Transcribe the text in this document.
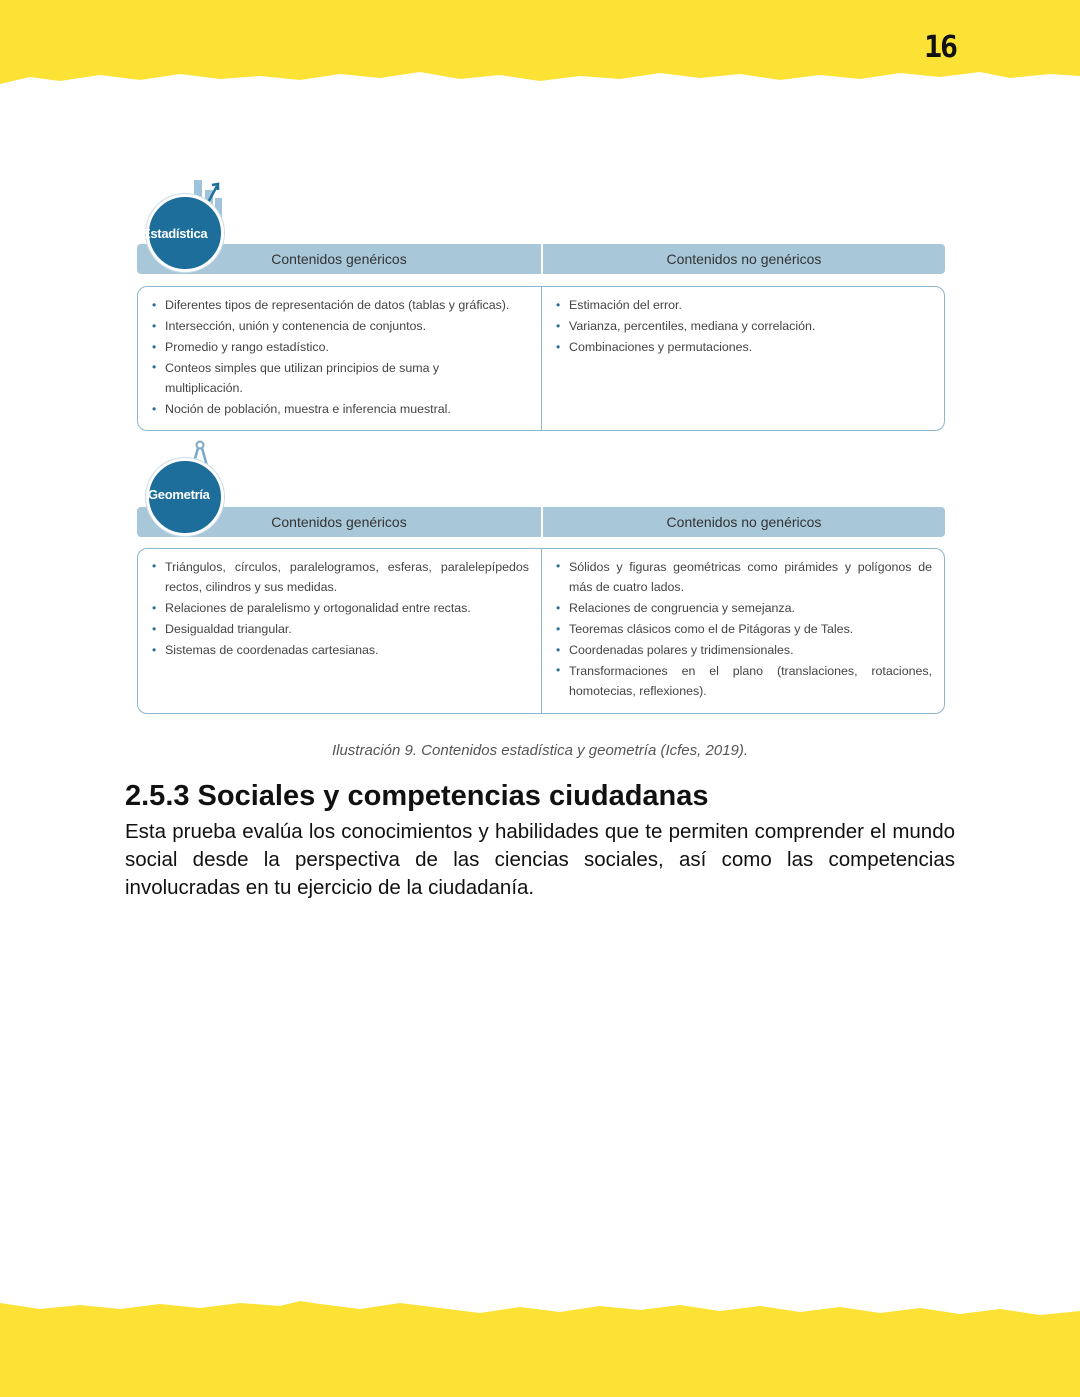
16
Estadística
Contenidos genéricos	Contenidos no genéricos
• Diferentes tipos de representación de datos (tablas y gráficas).
• Intersección, unión y contenencia de conjuntos.
• Promedio y rango estadístico.
• Conteos simples que utilizan principios de suma y multiplicación.
• Noción de población, muestra e inferencia muestral.
• Estimación del error.
• Varianza, percentiles, mediana y correlación.
• Combinaciones y permutaciones.
Geometría
Contenidos genéricos	Contenidos no genéricos
• Triángulos, círculos, paralelogramos, esferas, paralelepípedos rectos, cilindros y sus medidas.
• Relaciones de paralelismo y ortogonalidad entre rectas.
• Desigualdad triangular.
• Sistemas de coordenadas cartesianas.
• Sólidos y figuras geométricas como pirámides y polígonos de más de cuatro lados.
• Relaciones de congruencia y semejanza.
• Teoremas clásicos como el de Pitágoras y de Tales.
• Coordenadas polares y tridimensionales.
• Transformaciones en el plano (translaciones, rotaciones, homotecias, reflexiones).
Ilustración 9. Contenidos estadística y geometría (Icfes, 2019).
2.5.3 Sociales y competencias ciudadanas

Esta prueba evalúa los conocimientos y habilidades que te permiten comprender el mundo social desde la perspectiva de las ciencias sociales, así como las competencias involucradas en tu ejercicio de la ciudadanía.
